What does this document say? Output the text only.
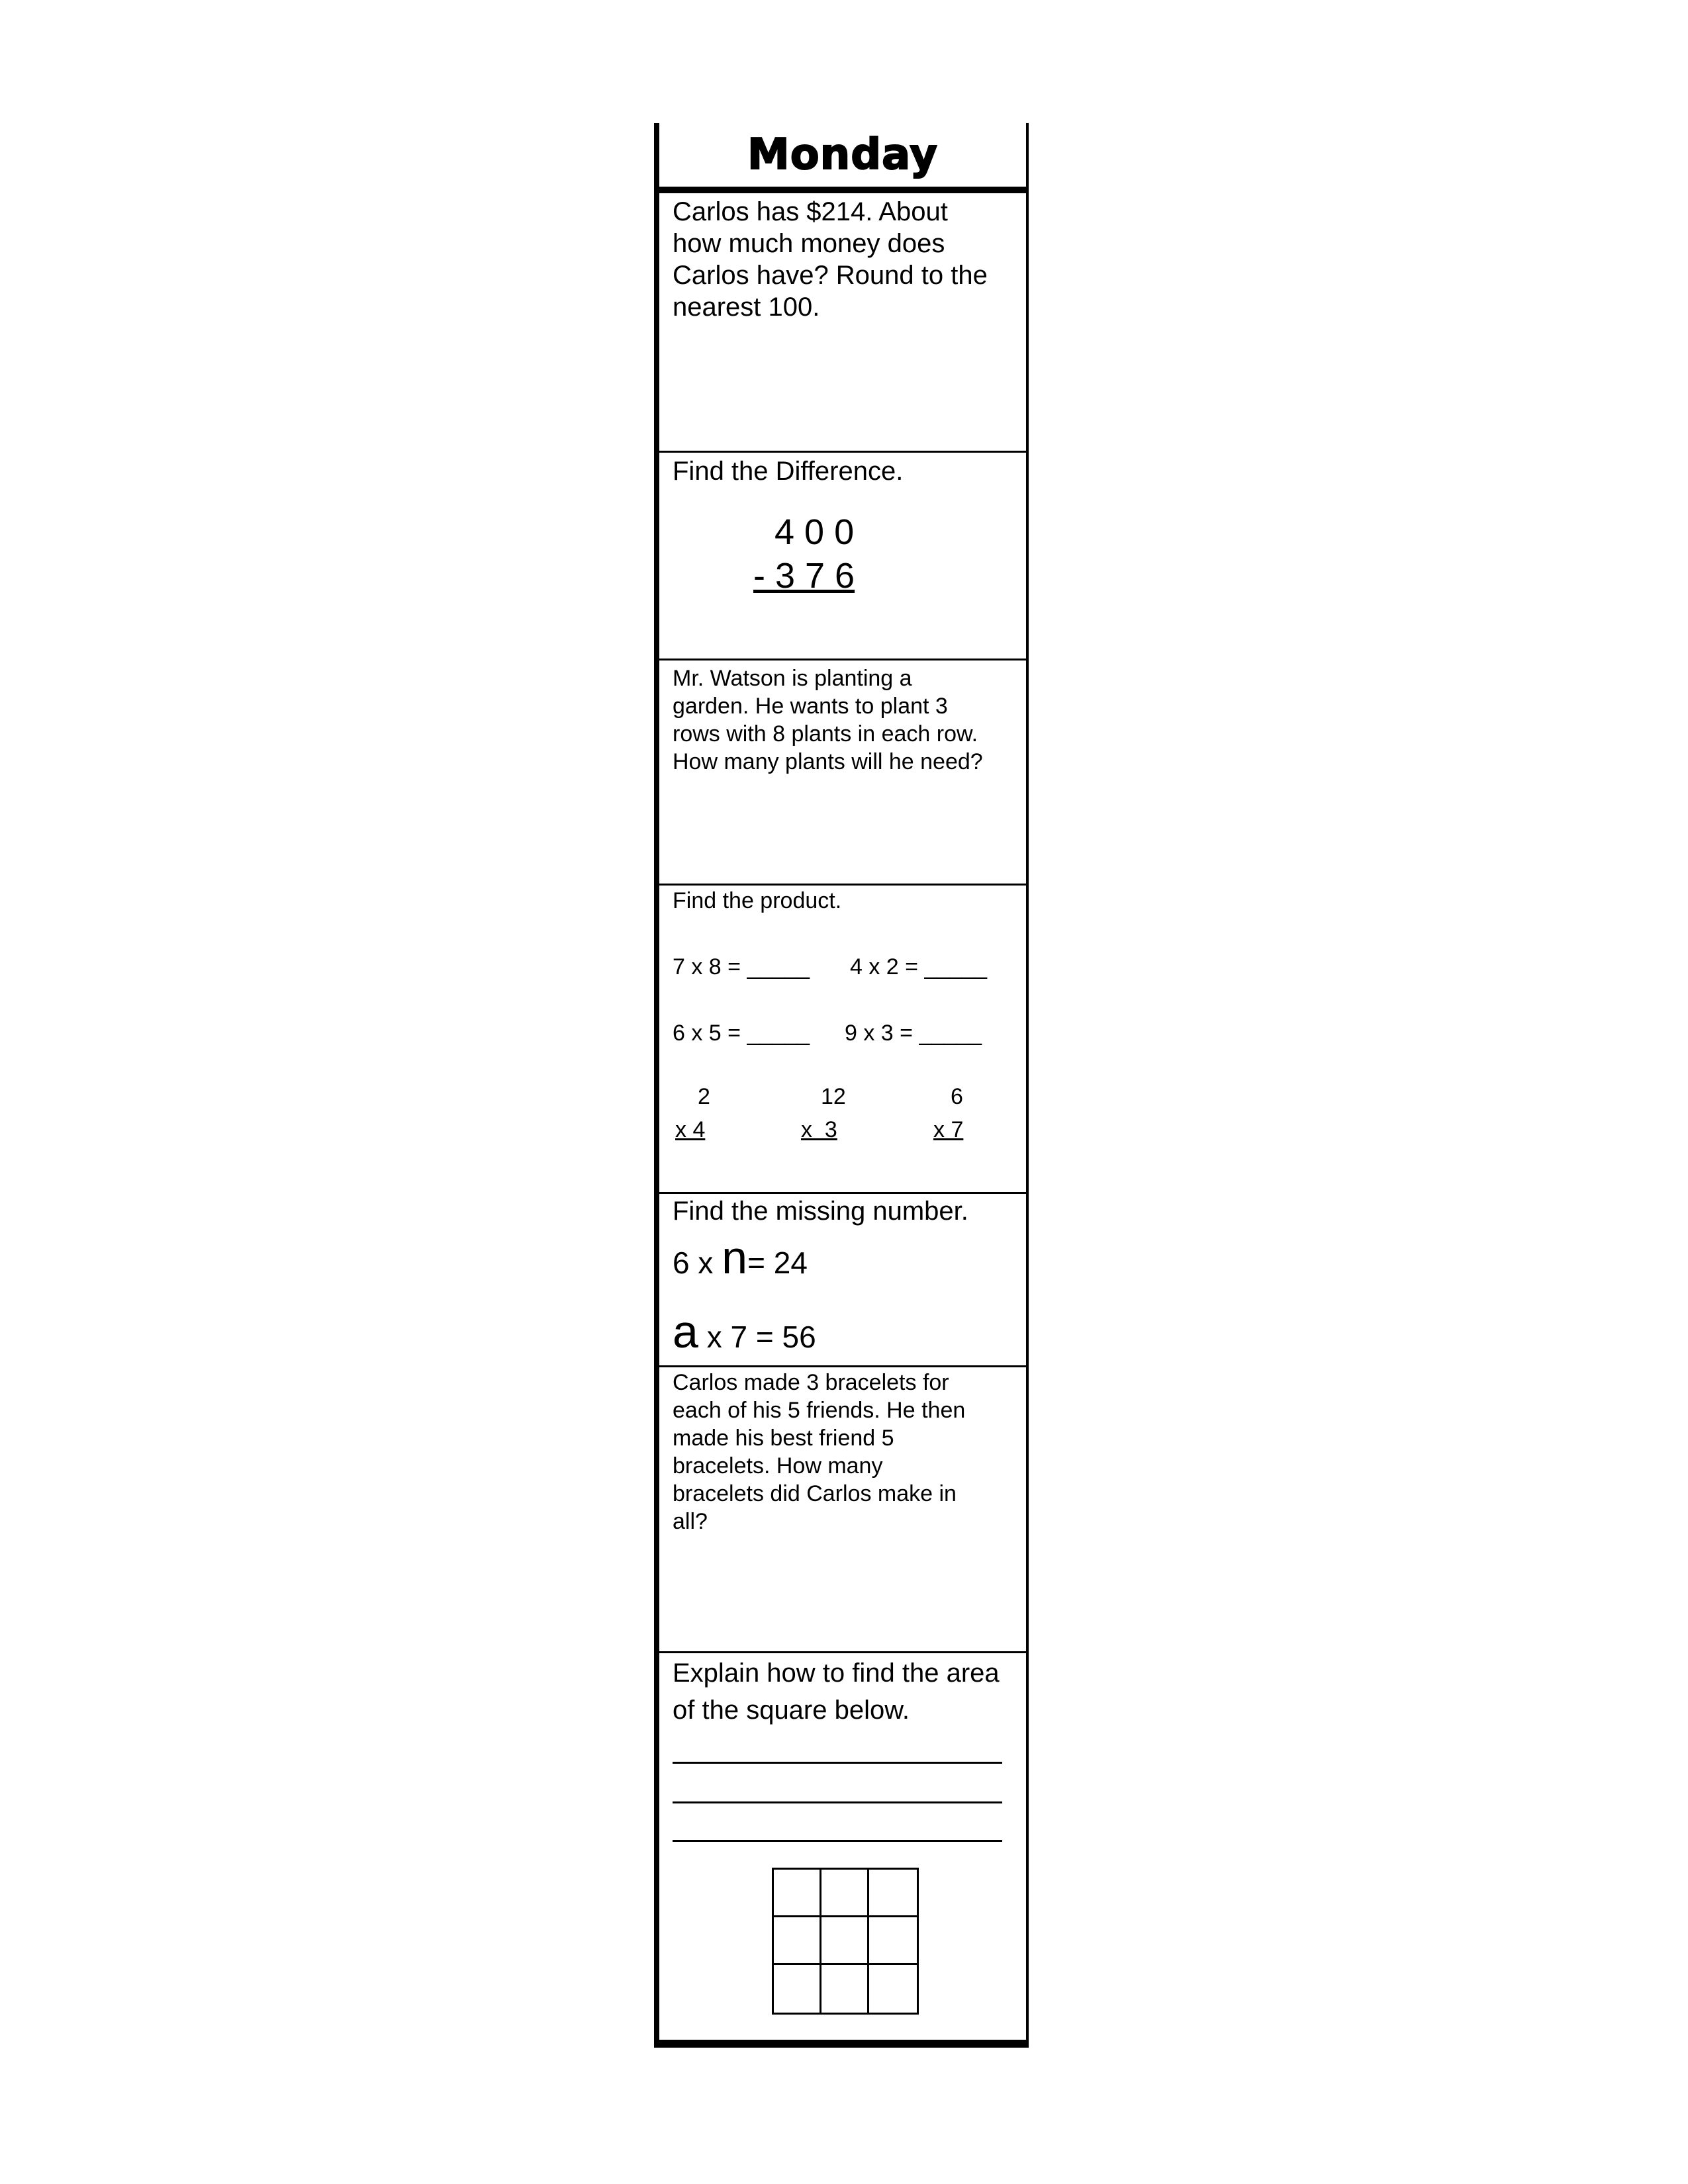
Monday
Carlos has $214. About
how much money does
Carlos have? Round to the
nearest 100.
Find the Difference.
4 0 0
- 3 7 6
Mr. Watson is planting a
garden. He wants to plant 3
rows with 8 plants in each row.
How many plants will he need?
Find the product.
7 x 8 = _____ 4 x 2 = _____
6 x 5 = _____ 9 x 3 = _____
2
x 4
12
x  3
6
x 7
Find the missing number.
6 x n= 24
a x 7 = 56
Carlos made 3 bracelets for
each of his 5 friends. He then
made his best friend 5
bracelets. How many
bracelets did Carlos make in
all?
Explain how to find the area
of the square below.
